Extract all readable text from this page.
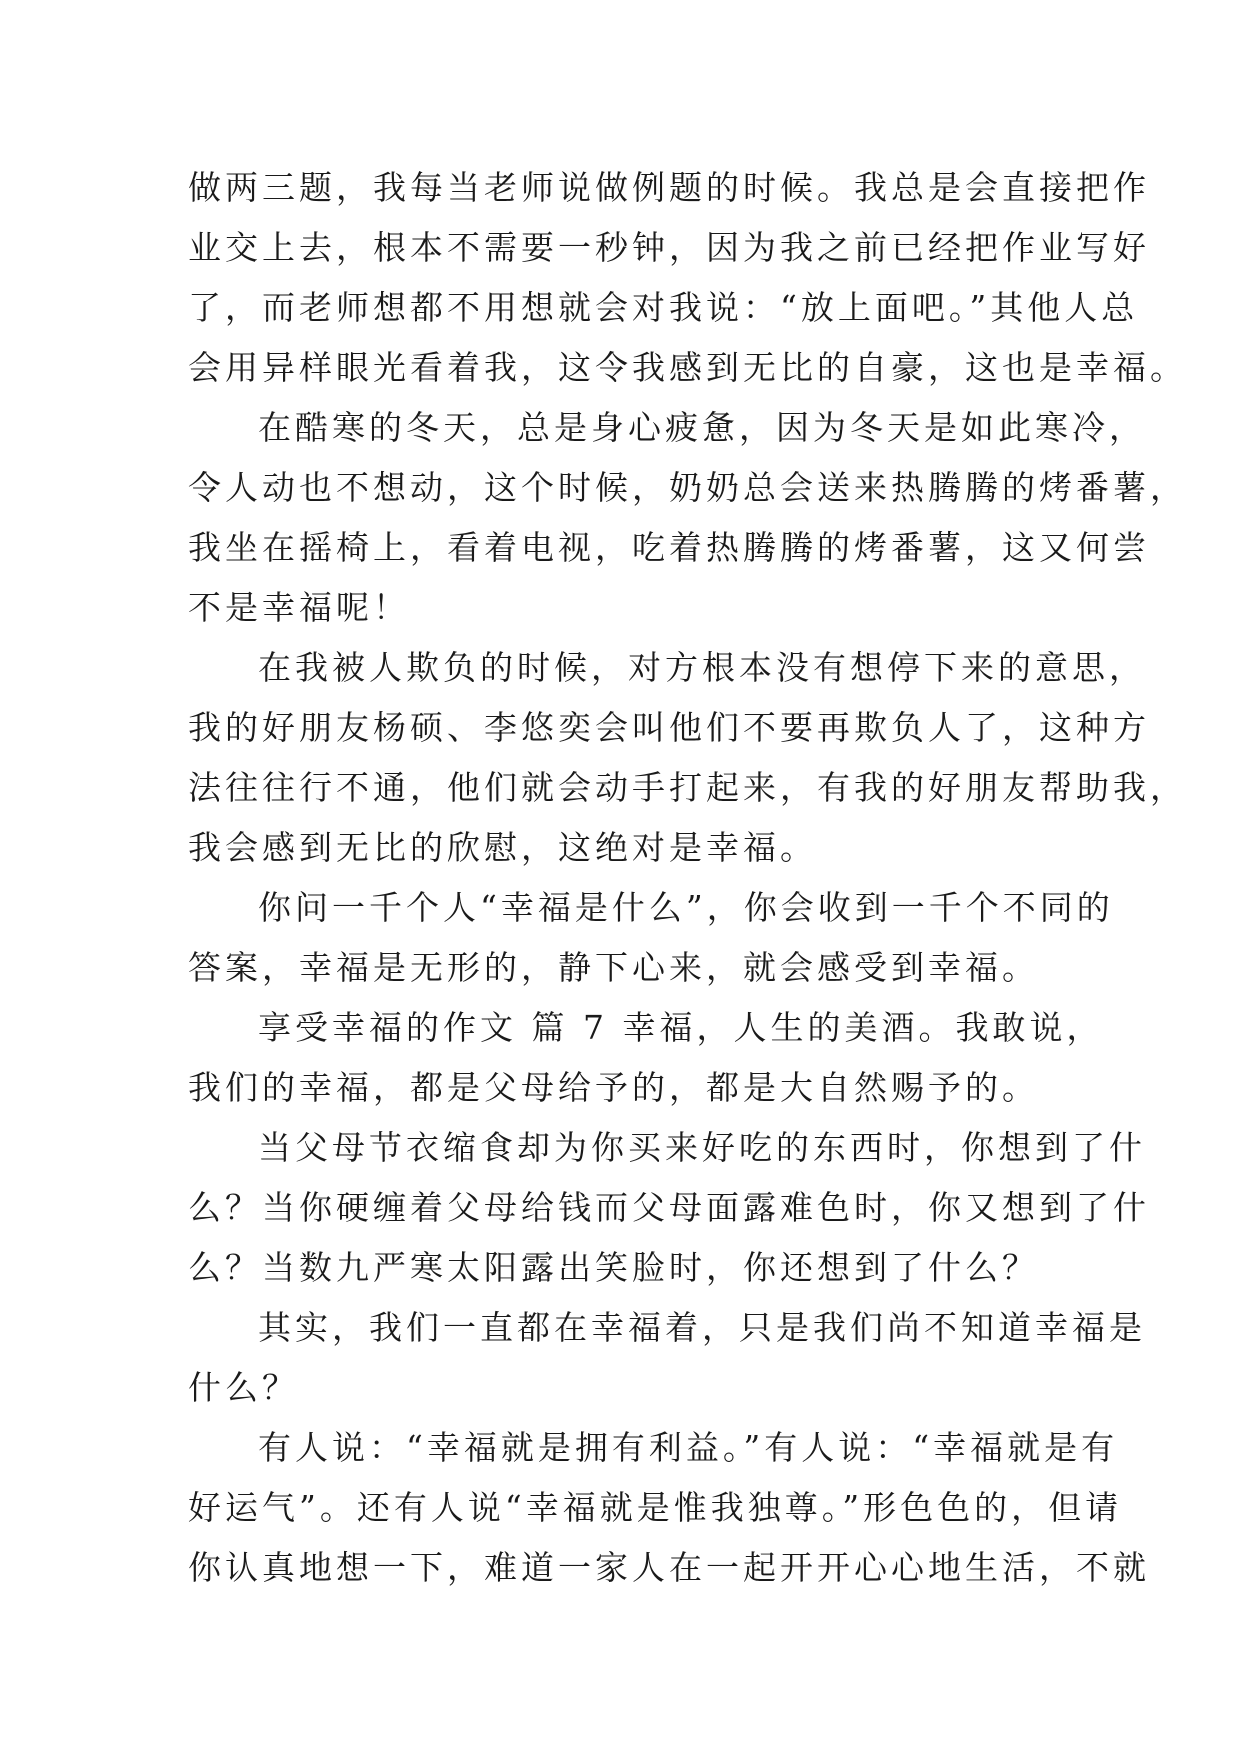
做两三题，我每当老师说做例题的时候。我总是会直接把作
业交上去，根本不需要一秒钟，因为我之前已经把作业写好
了，而老师想都不用想就会对我说：“放上面吧。”其他人总
会用异样眼光看着我，这令我感到无比的自豪，这也是幸福。
在酷寒的冬天，总是身心疲惫，因为冬天是如此寒冷，
令人动也不想动，这个时候，奶奶总会送来热腾腾的烤番薯，
我坐在摇椅上，看着电视，吃着热腾腾的烤番薯，这又何尝
不是幸福呢！
在我被人欺负的时候，对方根本没有想停下来的意思，
我的好朋友杨硕、李悠奕会叫他们不要再欺负人了，这种方
法往往行不通，他们就会动手打起来，有我的好朋友帮助我，
我会感到无比的欣慰，这绝对是幸福。
你问一千个人“幸福是什么”，你会收到一千个不同的
答案，幸福是无形的，静下心来，就会感受到幸福。
享受幸福的作文 篇 7 幸福，人生的美酒。我敢说，
我们的幸福，都是父母给予的，都是大自然赐予的。
当父母节衣缩食却为你买来好吃的东西时，你想到了什
么？当你硬缠着父母给钱而父母面露难色时，你又想到了什
么？当数九严寒太阳露出笑脸时，你还想到了什么？
其实，我们一直都在幸福着，只是我们尚不知道幸福是
什么？
有人说：“幸福就是拥有利益。”有人说：“幸福就是有
好运气”。还有人说“幸福就是惟我独尊。”形色色的，但请
你认真地想一下，难道一家人在一起开开心心地生活，不就
